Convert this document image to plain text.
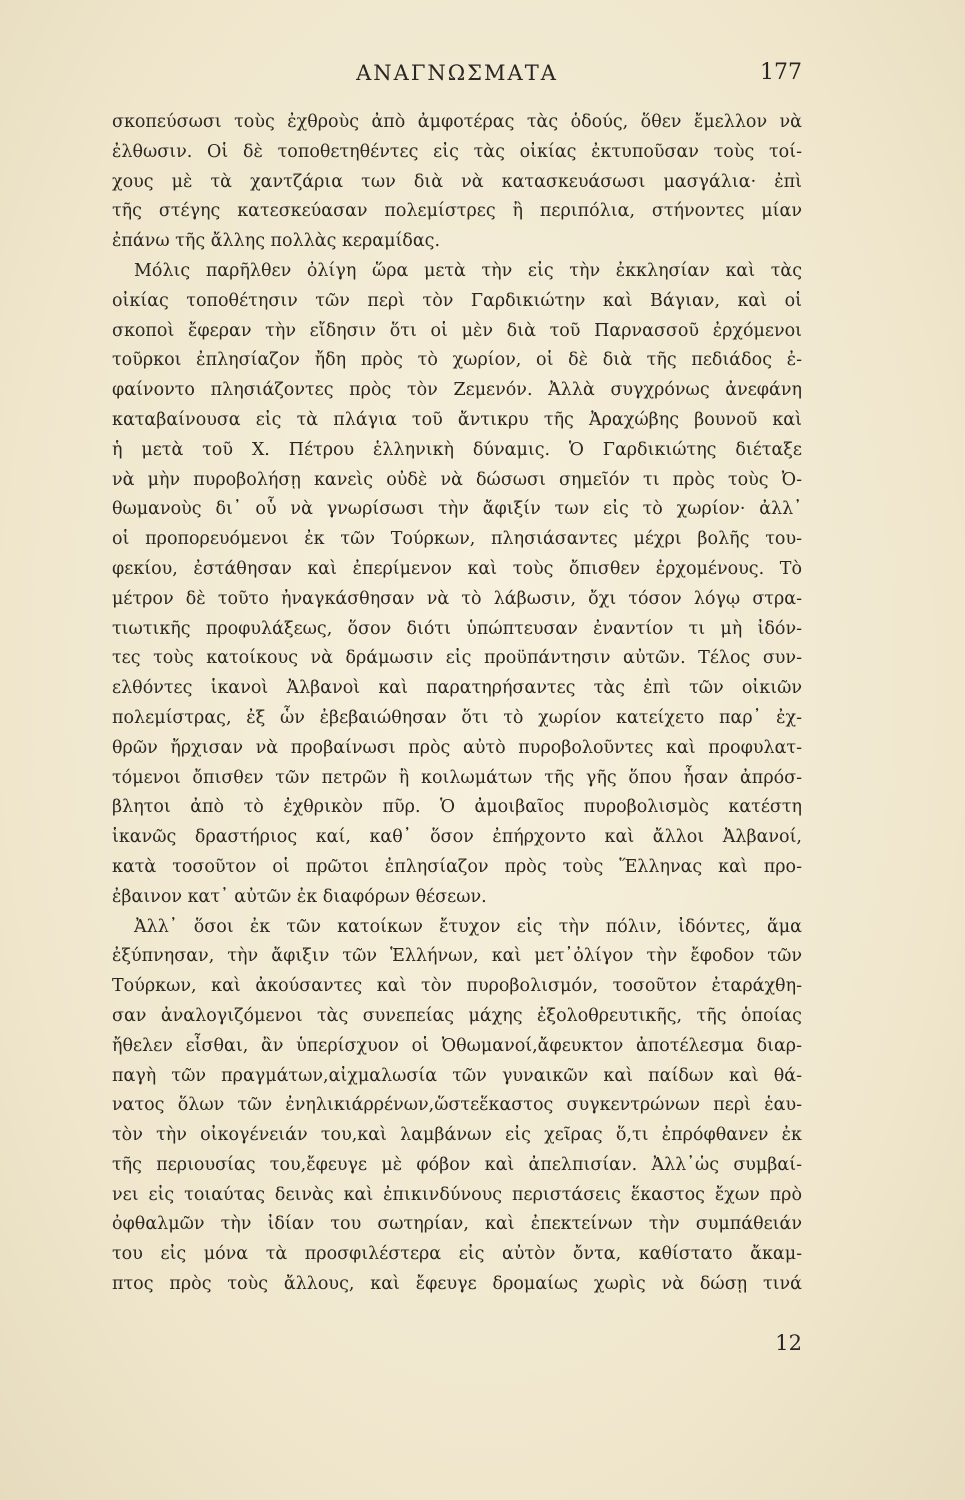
ΑΝΑΓΝΩΣΜΑΤΑ	177
σκοπεύσωσι τοὺς ἐχθροὺς ἀπὸ ἀμφοτέρας τὰς ὁδούς, ὅθεν ἔμελλον νὰ
ἐλθωσιν. Οἱ δὲ τοποθετηθέντες εἰς τὰς οἰκίας ἐκτυποῦσαν τοὺς τοί-
χους μὲ τὰ χαντζάρια των διὰ νὰ κατασκευάσωσι μασγάλια· ἐπὶ
τῆς στέγης κατεσκεύασαν πολεμίστρες ἢ περιπόλια, στήνοντες μίαν
ἐπάνω τῆς ἄλλης πολλὰς κεραμίδας.
Μόλις παρῆλθεν ὀλίγη ὥρα μετὰ τὴν εἰς τὴν ἐκκλησίαν καὶ τὰς
οἰκίας τοποθέτησιν τῶν περὶ τὸν Γαρδικιώτην καὶ Βάγιαν, καὶ οἱ
σκοποὶ ἔφεραν τὴν εἴδησιν ὅτι οἱ μὲν διὰ τοῦ Παρνασσοῦ ἐρχόμενοι
τοῦρκοι ἐπλησίαζον ἤδη πρὸς τὸ χωρίον, οἱ δὲ διὰ τῆς πεδιάδος ἐ-
φαίνοντο πλησιάζοντες πρὸς τὸν Ζεμενόν. Ἀλλὰ συγχρόνως ἀνεφάνη
καταβαίνουσα εἰς τὰ πλάγια τοῦ ἄντικρυ τῆς Ἀραχώβης βουνοῦ καὶ
ἡ μετὰ τοῦ Χ. Πέτρου ἑλληνικὴ δύναμις. Ὁ Γαρδικιώτης διέταξε
νὰ μὴν πυροβολήσῃ κανεὶς οὐδὲ νὰ δώσωσι σημεῖόν τι πρὸς τοὺς Ὀ-
θωμανοὺς δι᾽ οὗ νὰ γνωρίσωσι τὴν ἄφιξίν των εἰς τὸ χωρίον· ἀλλ᾽
οἱ προπορευόμενοι ἐκ τῶν Τούρκων, πλησιάσαντες μέχρι βολῆς του-
φεκίου, ἐστάθησαν καὶ ἐπερίμενον καὶ τοὺς ὄπισθεν ἐρχομένους. Τὸ
μέτρον δὲ τοῦτο ἠναγκάσθησαν νὰ τὸ λάβωσιν, ὄχι τόσον λόγῳ στρα-
τιωτικῆς προφυλάξεως, ὅσον διότι ὑπώπτευσαν ἐναντίον τι μὴ ἰδόν-
τες τοὺς κατοίκους νὰ δράμωσιν εἰς προϋπάντησιν αὐτῶν. Τέλος συν-
ελθόντες ἱκανοὶ Ἀλβανοὶ καὶ παρατηρήσαντες τὰς ἐπὶ τῶν οἰκιῶν
πολεμίστρας, ἐξ ὧν ἐβεβαιώθησαν ὅτι τὸ χωρίον κατείχετο παρ᾽ ἐχ-
θρῶν ἤρχισαν νὰ προβαίνωσι πρὸς αὐτὸ πυροβολοῦντες καὶ προφυλατ-
τόμενοι ὄπισθεν τῶν πετρῶν ἢ κοιλωμάτων τῆς γῆς ὅπου ἦσαν ἀπρόσ-
βλητοι ἀπὸ τὸ ἐχθρικὸν πῦρ. Ὁ ἀμοιβαῖος πυροβολισμὸς κατέστη
ἱκανῶς δραστήριος καί, καθ᾽ ὅσον ἐπήρχοντο καὶ ἄλλοι Ἀλβανοί,
κατὰ τοσοῦτον οἱ πρῶτοι ἐπλησίαζον πρὸς τοὺς Ἕλληνας καὶ προ-
ἐβαινον κατ᾽ αὐτῶν ἐκ διαφόρων θέσεων.
Ἀλλ᾽ ὅσοι ἐκ τῶν κατοίκων ἔτυχον εἰς τὴν πόλιν, ἰδόντες, ἅμα
ἐξύπνησαν, τὴν ἄφιξιν τῶν Ἑλλήνων, καὶ μετ᾽ὀλίγον τὴν ἔφοδον τῶν
Τούρκων, καὶ ἀκούσαντες καὶ τὸν πυροβολισμόν, τοσοῦτον ἐταράχθη-
σαν ἀναλογιζόμενοι τὰς συνεπείας μάχης ἐξολοθρευτικῆς, τῆς ὁποίας
ἤθελεν εἶσθαι, ἂν ὑπερίσχυον οἱ Ὀθωμανοί,ἄφευκτον ἀποτέλεσμα διαρ-
παγὴ τῶν πραγμάτων,αἰχμαλωσία τῶν γυναικῶν καὶ παίδων καὶ θά-
νατος ὅλων τῶν ἐνηλικιάρρένων,ὥστεἕκαστος συγκεντρώνων περὶ ἑαυ-
τὸν τὴν οἰκογένειάν του,καὶ λαμβάνων εἰς χεῖρας ὅ,τι ἐπρόφθανεν ἐκ
τῆς περιουσίας του,ἔφευγε μὲ φόβον καὶ ἀπελπισίαν. Ἀλλ᾽ὡς συμβαί-
νει εἰς τοιαύτας δεινὰς καὶ ἐπικινδύνους περιστάσεις ἕκαστος ἔχων πρὸ
ὀφθαλμῶν τὴν ἰδίαν του σωτηρίαν, καὶ ἐπεκτείνων τὴν συμπάθειάν
του εἰς μόνα τὰ προσφιλέστερα εἰς αὐτὸν ὄντα, καθίστατο ἄκαμ-
πτος πρὸς τοὺς ἄλλους, καὶ ἔφευγε δρομαίως χωρὶς νὰ δώσῃ τινά
12
